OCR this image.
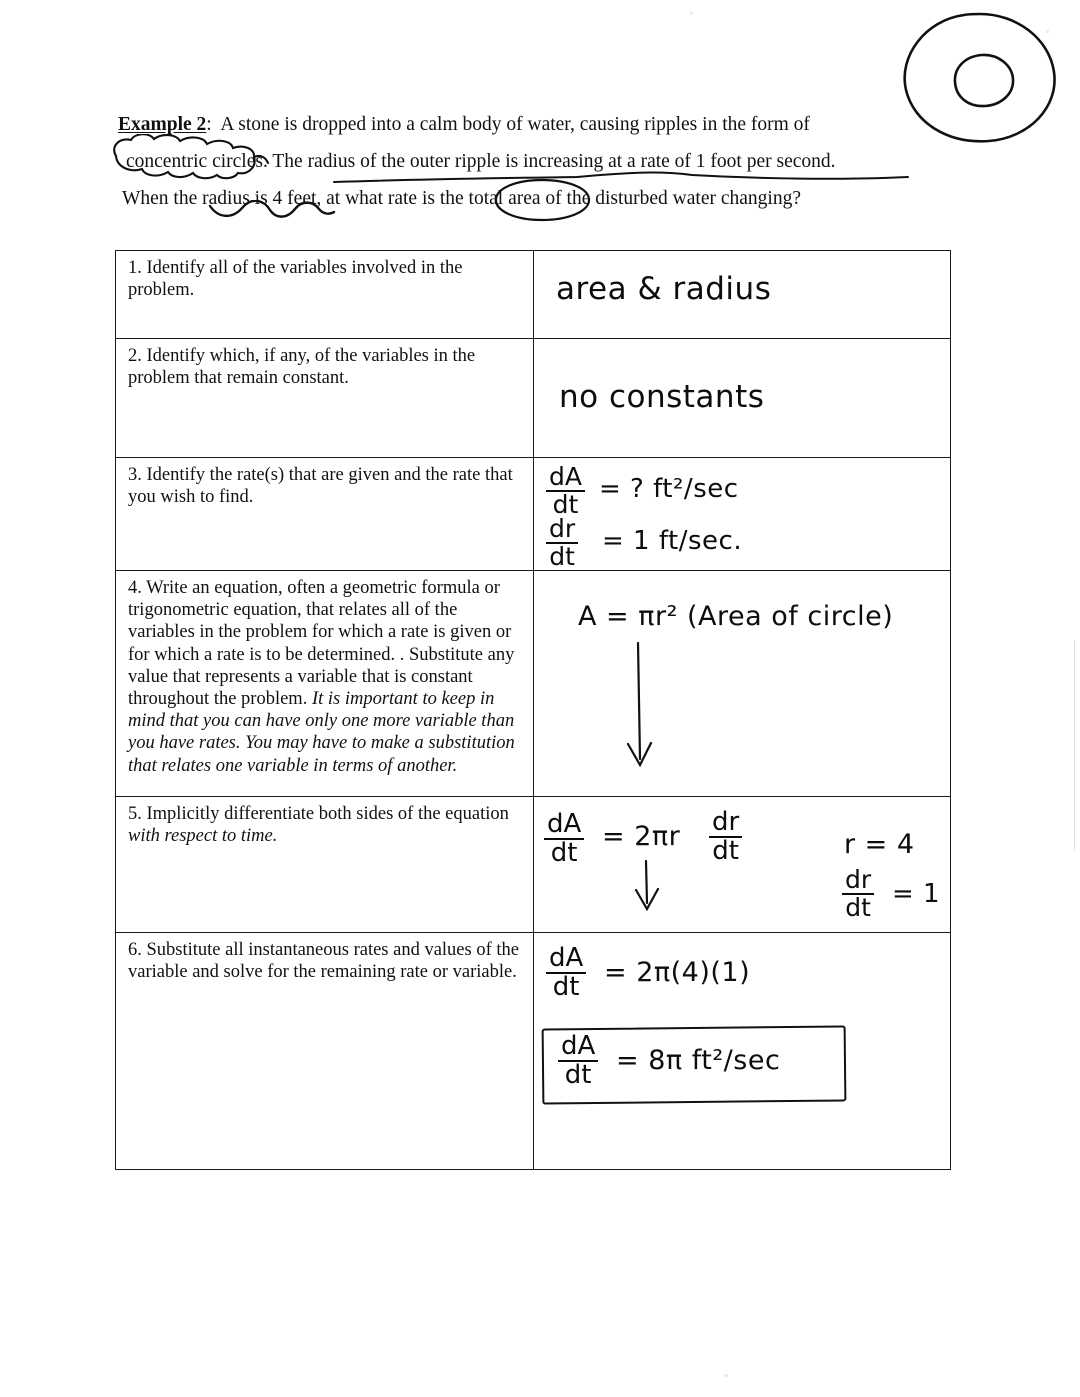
Example 2: A stone is dropped into a calm body of water, causing ripples in the form of
concentric circles. The radius of the outer ripple is increasing at a rate of 1 foot per second.
When the radius is 4 feet, at what rate is the total area of the disturbed water changing?
1. Identify all of the variables involved in the problem.	area & radius

2. Identify which, if any, of the variables in the problem that remain constant.	no constants

3. Identify the rate(s) that are given and the rate that you wish to find.	$\frac{dA}{dt}$ = ? ft²/sec
$\frac{dr}{dt} = 1$ ft/sec.

4. Write an equation, often a geometric formula or trigonometric equation, that relates all of the variables in the problem for which a rate is given or for which a rate is to be determined. . Substitute any value that represents a variable that is constant throughout the problem. It is important to keep in mind that you can have only one more variable than you have rates. You may have to make a substitution that relates one variable in terms of another.	A = πr² (Area of circle)

5. Implicitly differentiate both sides of the equation with respect to time.	$\frac{dA}{dt} = 2\pi r \frac{dr}{dt}$	r = 4
$\frac{dr}{dt} = 1$

6. Substitute all instantaneous rates and values of the variable and solve for the remaining rate or variable.	$\frac{dA}{dt} = 2\pi(4)(1)$
$\frac{dA}{dt} = 8\pi$ ft²/sec
